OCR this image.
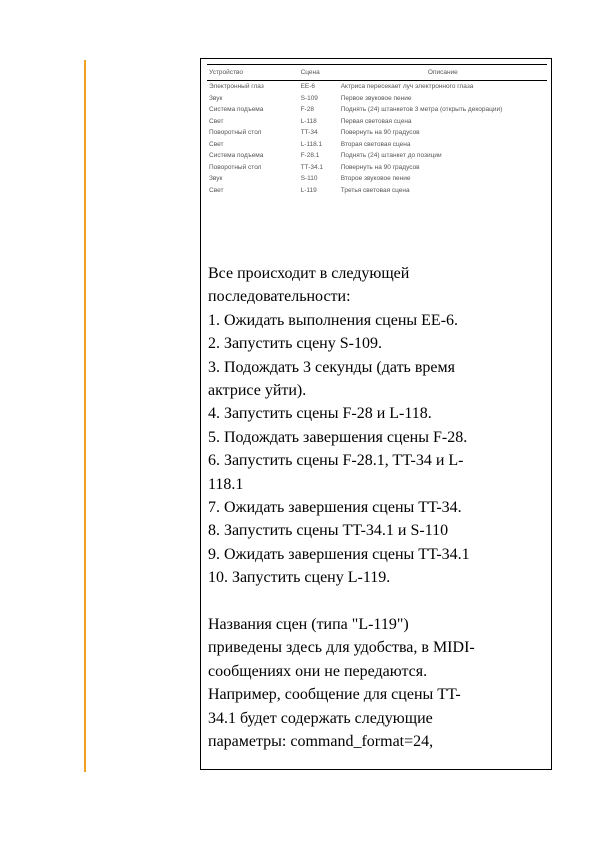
Устройство	Сцена	Описание
Электронный глаз	EE-6	Актриса пересекает луч электронного глаза
Звук	S-109	Первое звуковое пение
Система подъема	F-28	Поднять (24) штанкетов 3 метра (открыть декорации)
Свет	L-118	Первая световая сцена
Поворотный стол	TT-34	Повернуть на 90 градусов
Свет	L-118.1	Вторая световая сцена
Система подъема	F-28.1	Поднять (24) штанкет до позиции
Поворотный стол	TT-34.1	Повернуть на 90 градусов
Звук	S-110	Второе звуковое пение
Свет	L-119	Третья световая сцена

Все происходит в следующей

последовательности:

1. Ожидать выполнения сцены EE-6.

2. Запустить сцену S-109.

3. Подождать 3 секунды (дать время

актрисе уйти).

4. Запустить сцены F-28 и L-118.

5. Подождать завершения сцены F-28.

6. Запустить сцены F-28.1, TT-34 и L-

118.1

7. Ожидать завершения сцены TT-34.

8. Запустить сцены TT-34.1 и S-110

9. Ожидать завершения сцены TT-34.1

10. Запустить сцену L-119.

Названия сцен (типа "L-119")

приведены здесь для удобства, в MIDI-

сообщениях они не передаются.

Например, сообщение для сцены TT-

34.1 будет содержать следующие

параметры: command_format=24,
